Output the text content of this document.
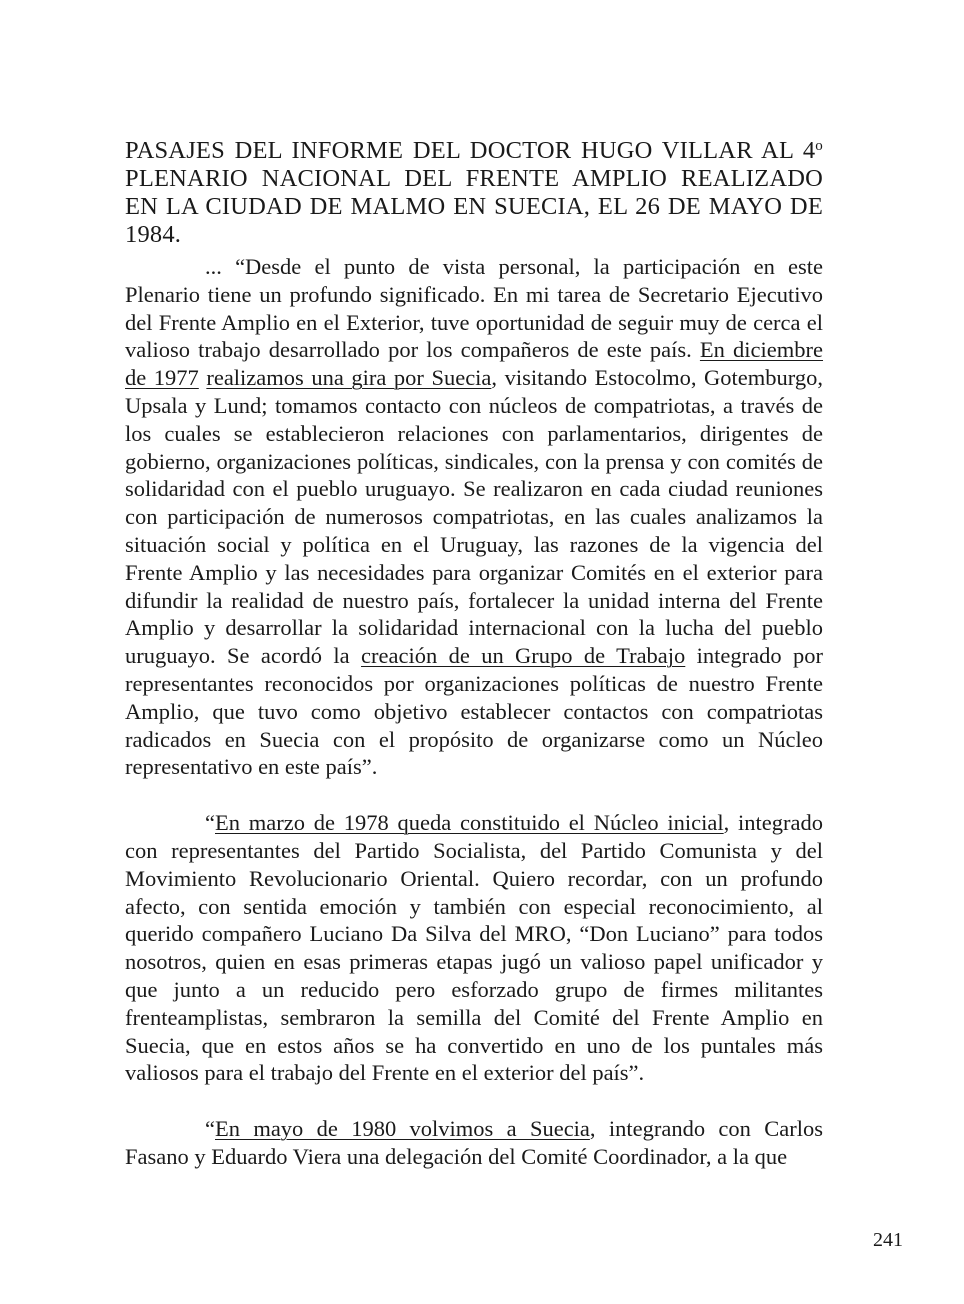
PASAJES DEL INFORME DEL DOCTOR HUGO VILLAR AL 4$^o$ PLENARIO NACIONAL DEL FRENTE AMPLIO REALIZADO EN LA CIUDAD DE MALMO EN SUECIA, EL 26 DE MAYO DE 1984.

... “Desde el punto de vista personal, la participación en este Plenario tiene un profundo significado. En mi tarea de Secretario Ejecutivo del Frente Amplio en el Exterior, tuve oportunidad de seguir muy de cerca el valioso trabajo desarrollado por los compañeros de este país. En diciembre de 1977 realizamos una gira por Suecia, visitando Estocolmo, Gotemburgo, Upsala y Lund; tomamos contacto con núcleos de compatriotas, a través de los cuales se establecieron relaciones con parlamentarios, dirigentes de gobierno, organizaciones políticas, sindicales, con la prensa y con comités de solidaridad con el pueblo uruguayo. Se realizaron en cada ciudad reuniones con participación de numerosos compatriotas, en las cuales analizamos la situación social y política en el Uruguay, las razones de la vigencia del Frente Amplio y las necesidades para organizar Comités en el exterior para difundir la realidad de nuestro país, fortalecer la unidad interna del Frente Amplio y desarrollar la solidaridad internacional con la lucha del pueblo uruguayo. Se acordó la creación de un Grupo de Trabajo integrado por representantes reconocidos por organizaciones políticas de nuestro Frente Amplio, que tuvo como objetivo establecer contactos con compatriotas radicados en Suecia con el propósito de organizarse como un Núcleo representativo en este país”.

“En marzo de 1978 queda constituido el Núcleo inicial, integrado con representantes del Partido Socialista, del Partido Comunista y del Movimiento Revolucionario Oriental. Quiero recordar, con un profundo afecto, con sentida emoción y también con especial reconocimiento, al querido compañero Luciano Da Silva del MRO, “Don Luciano” para todos nosotros, quien en esas primeras etapas jugó un valioso papel unificador y que junto a un reducido pero esforzado grupo de firmes militantes frenteamplistas, sembraron la semilla del Comité del Frente Amplio en Suecia, que en estos años se ha convertido en uno de los puntales más valiosos para el trabajo del Frente en el exterior del país”.

“En mayo de 1980 volvimos a Suecia, integrando con Carlos Fasano y Eduardo Viera una delegación del Comité Coordinador, a la que

241
